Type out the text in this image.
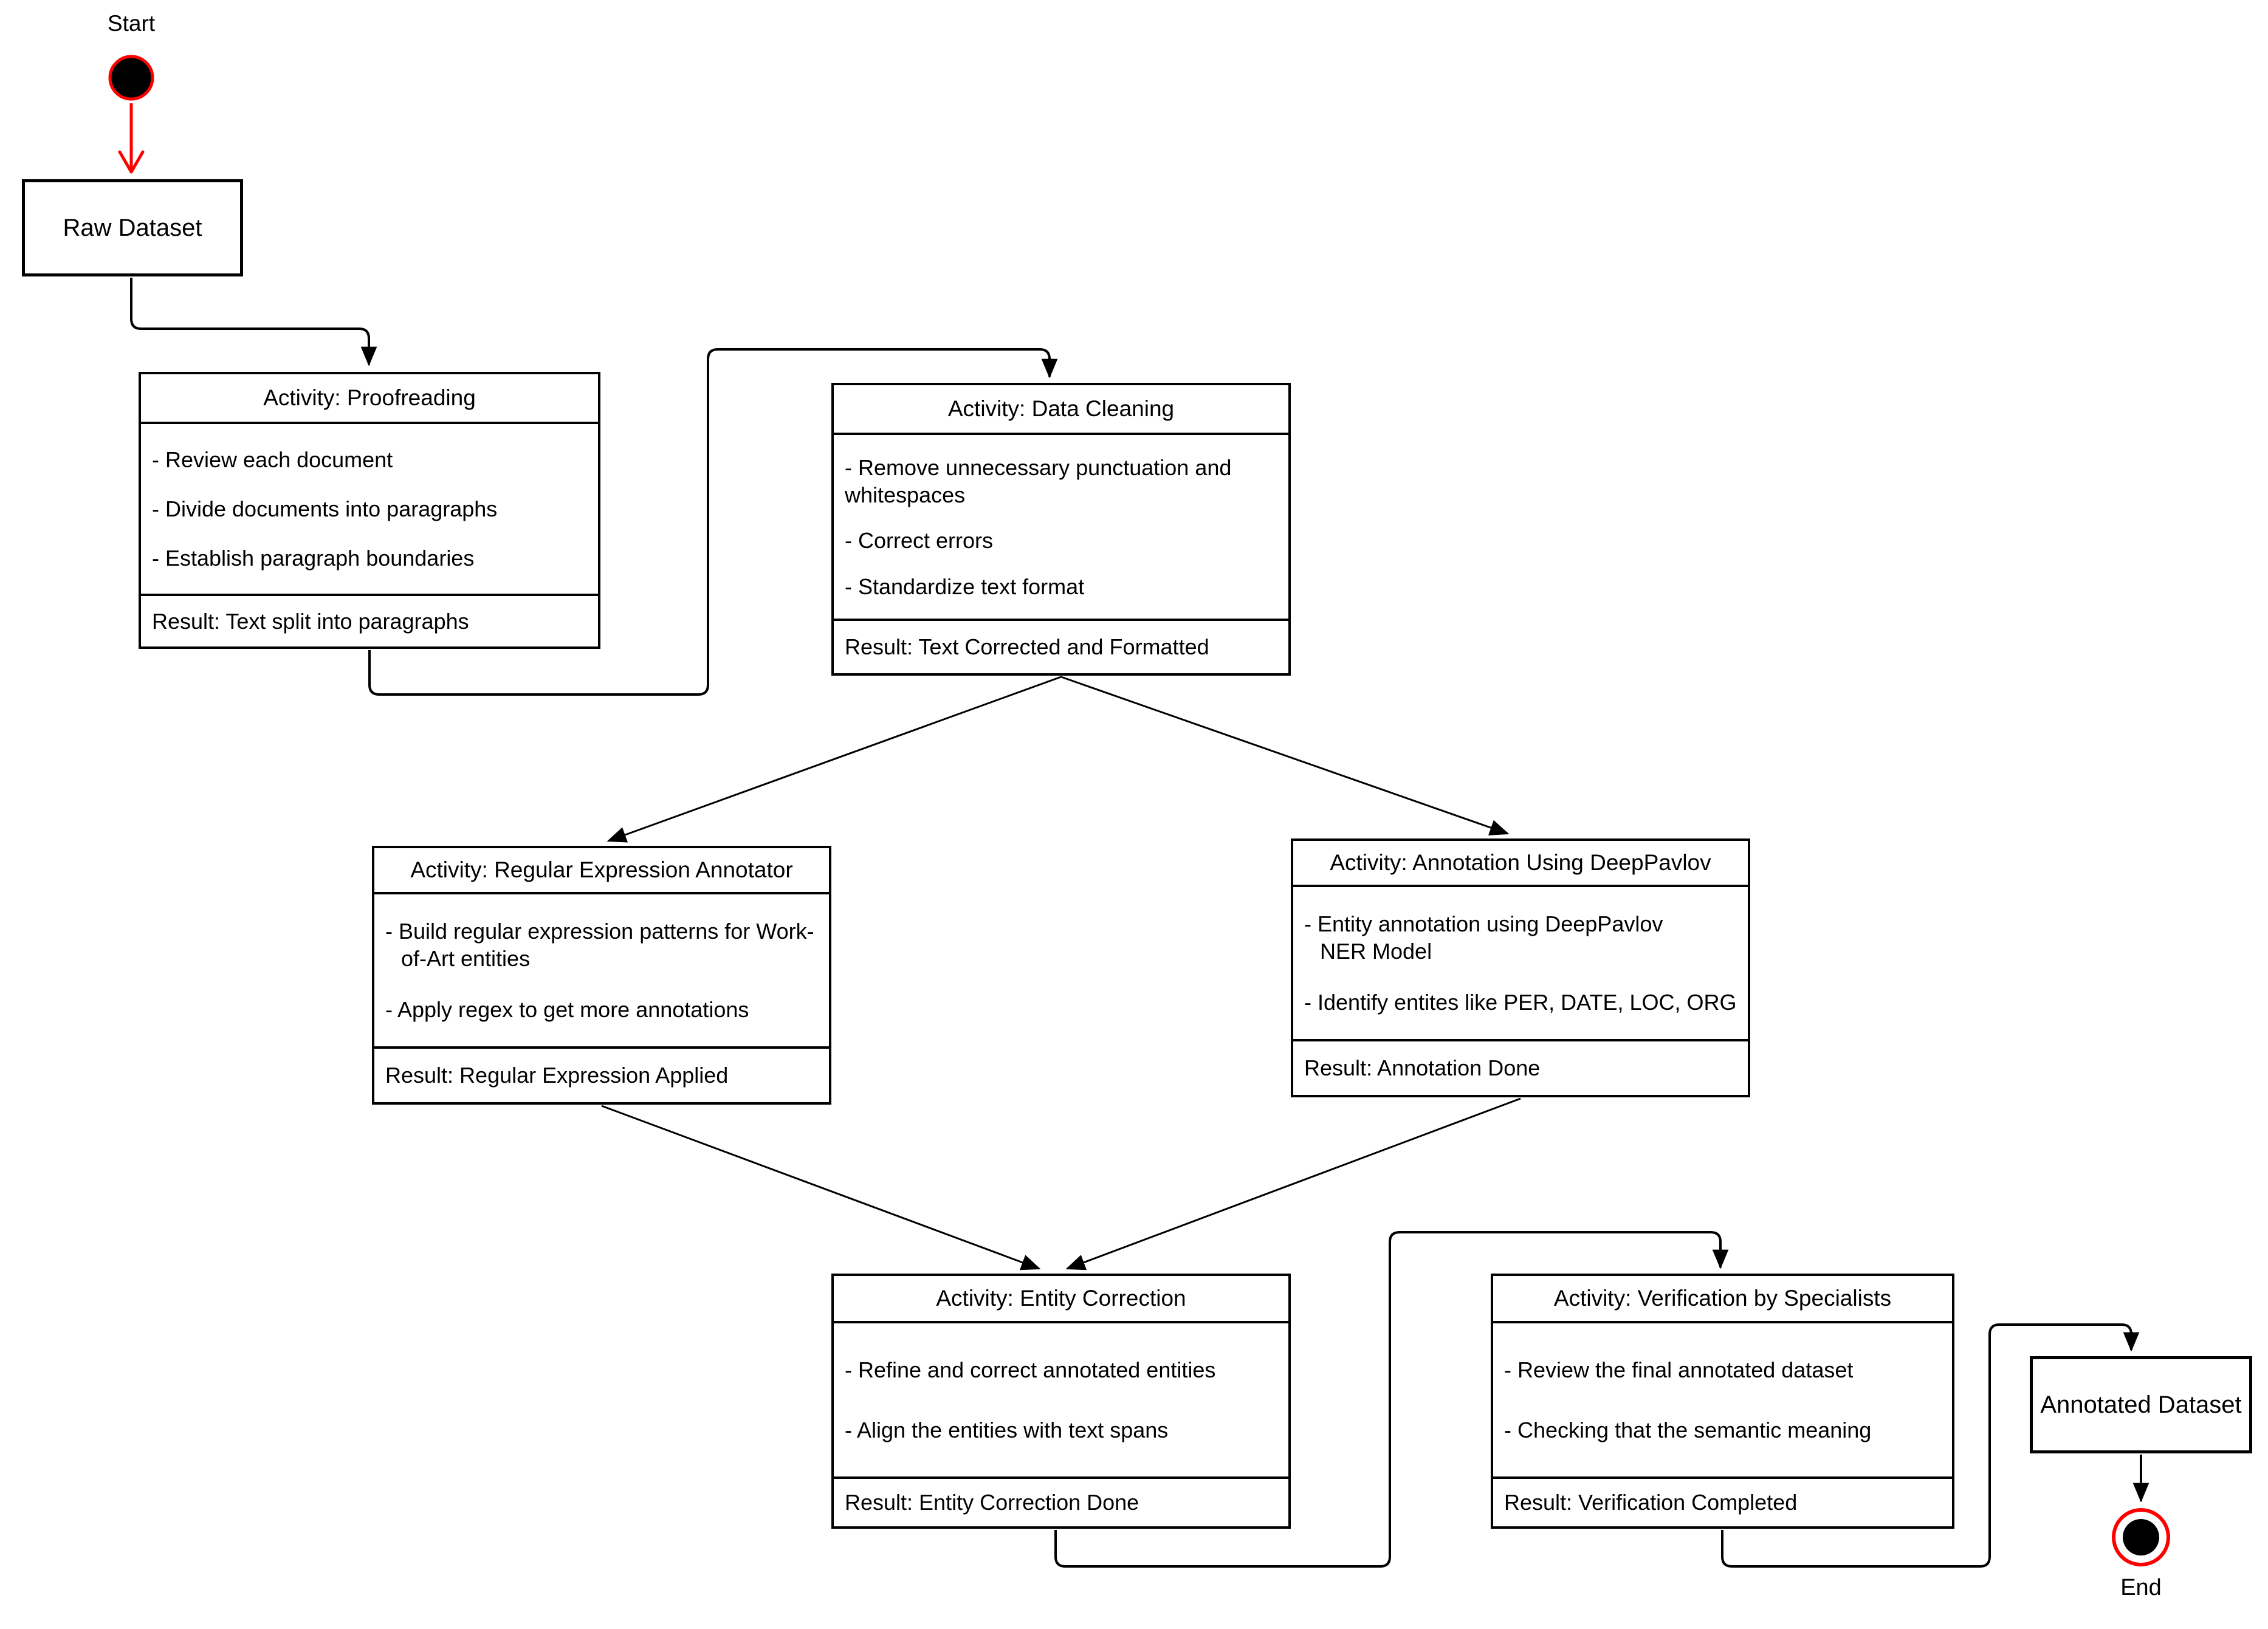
Start
End
Raw Dataset
Activity: Proofreading
- Review each document
- Divide documents into paragraphs
- Establish paragraph boundaries
Result: Text split into paragraphs
Activity: Data Cleaning
- Remove unnecessary punctuation and whitespaces
- Correct errors
- Standardize text format
Result: Text Corrected and Formatted
Activity: Regular Expression Annotator
- Build regular expression patterns for Work-of-Art entities
- Apply regex to get more annotations
Result: Regular Expression Applied
Activity: Annotation Using DeepPavlov
- Entity annotation using DeepPavlov NER Model
- Identify entites like PER, DATE, LOC, ORG
Result: Annotation Done
Activity: Entity Correction
- Refine and correct annotated entities
- Align the entities with text spans
Result: Entity Correction Done
Activity: Verification by Specialists
- Review the final annotated dataset
- Checking that the semantic meaning
Result: Verification Completed
Annotated Dataset
